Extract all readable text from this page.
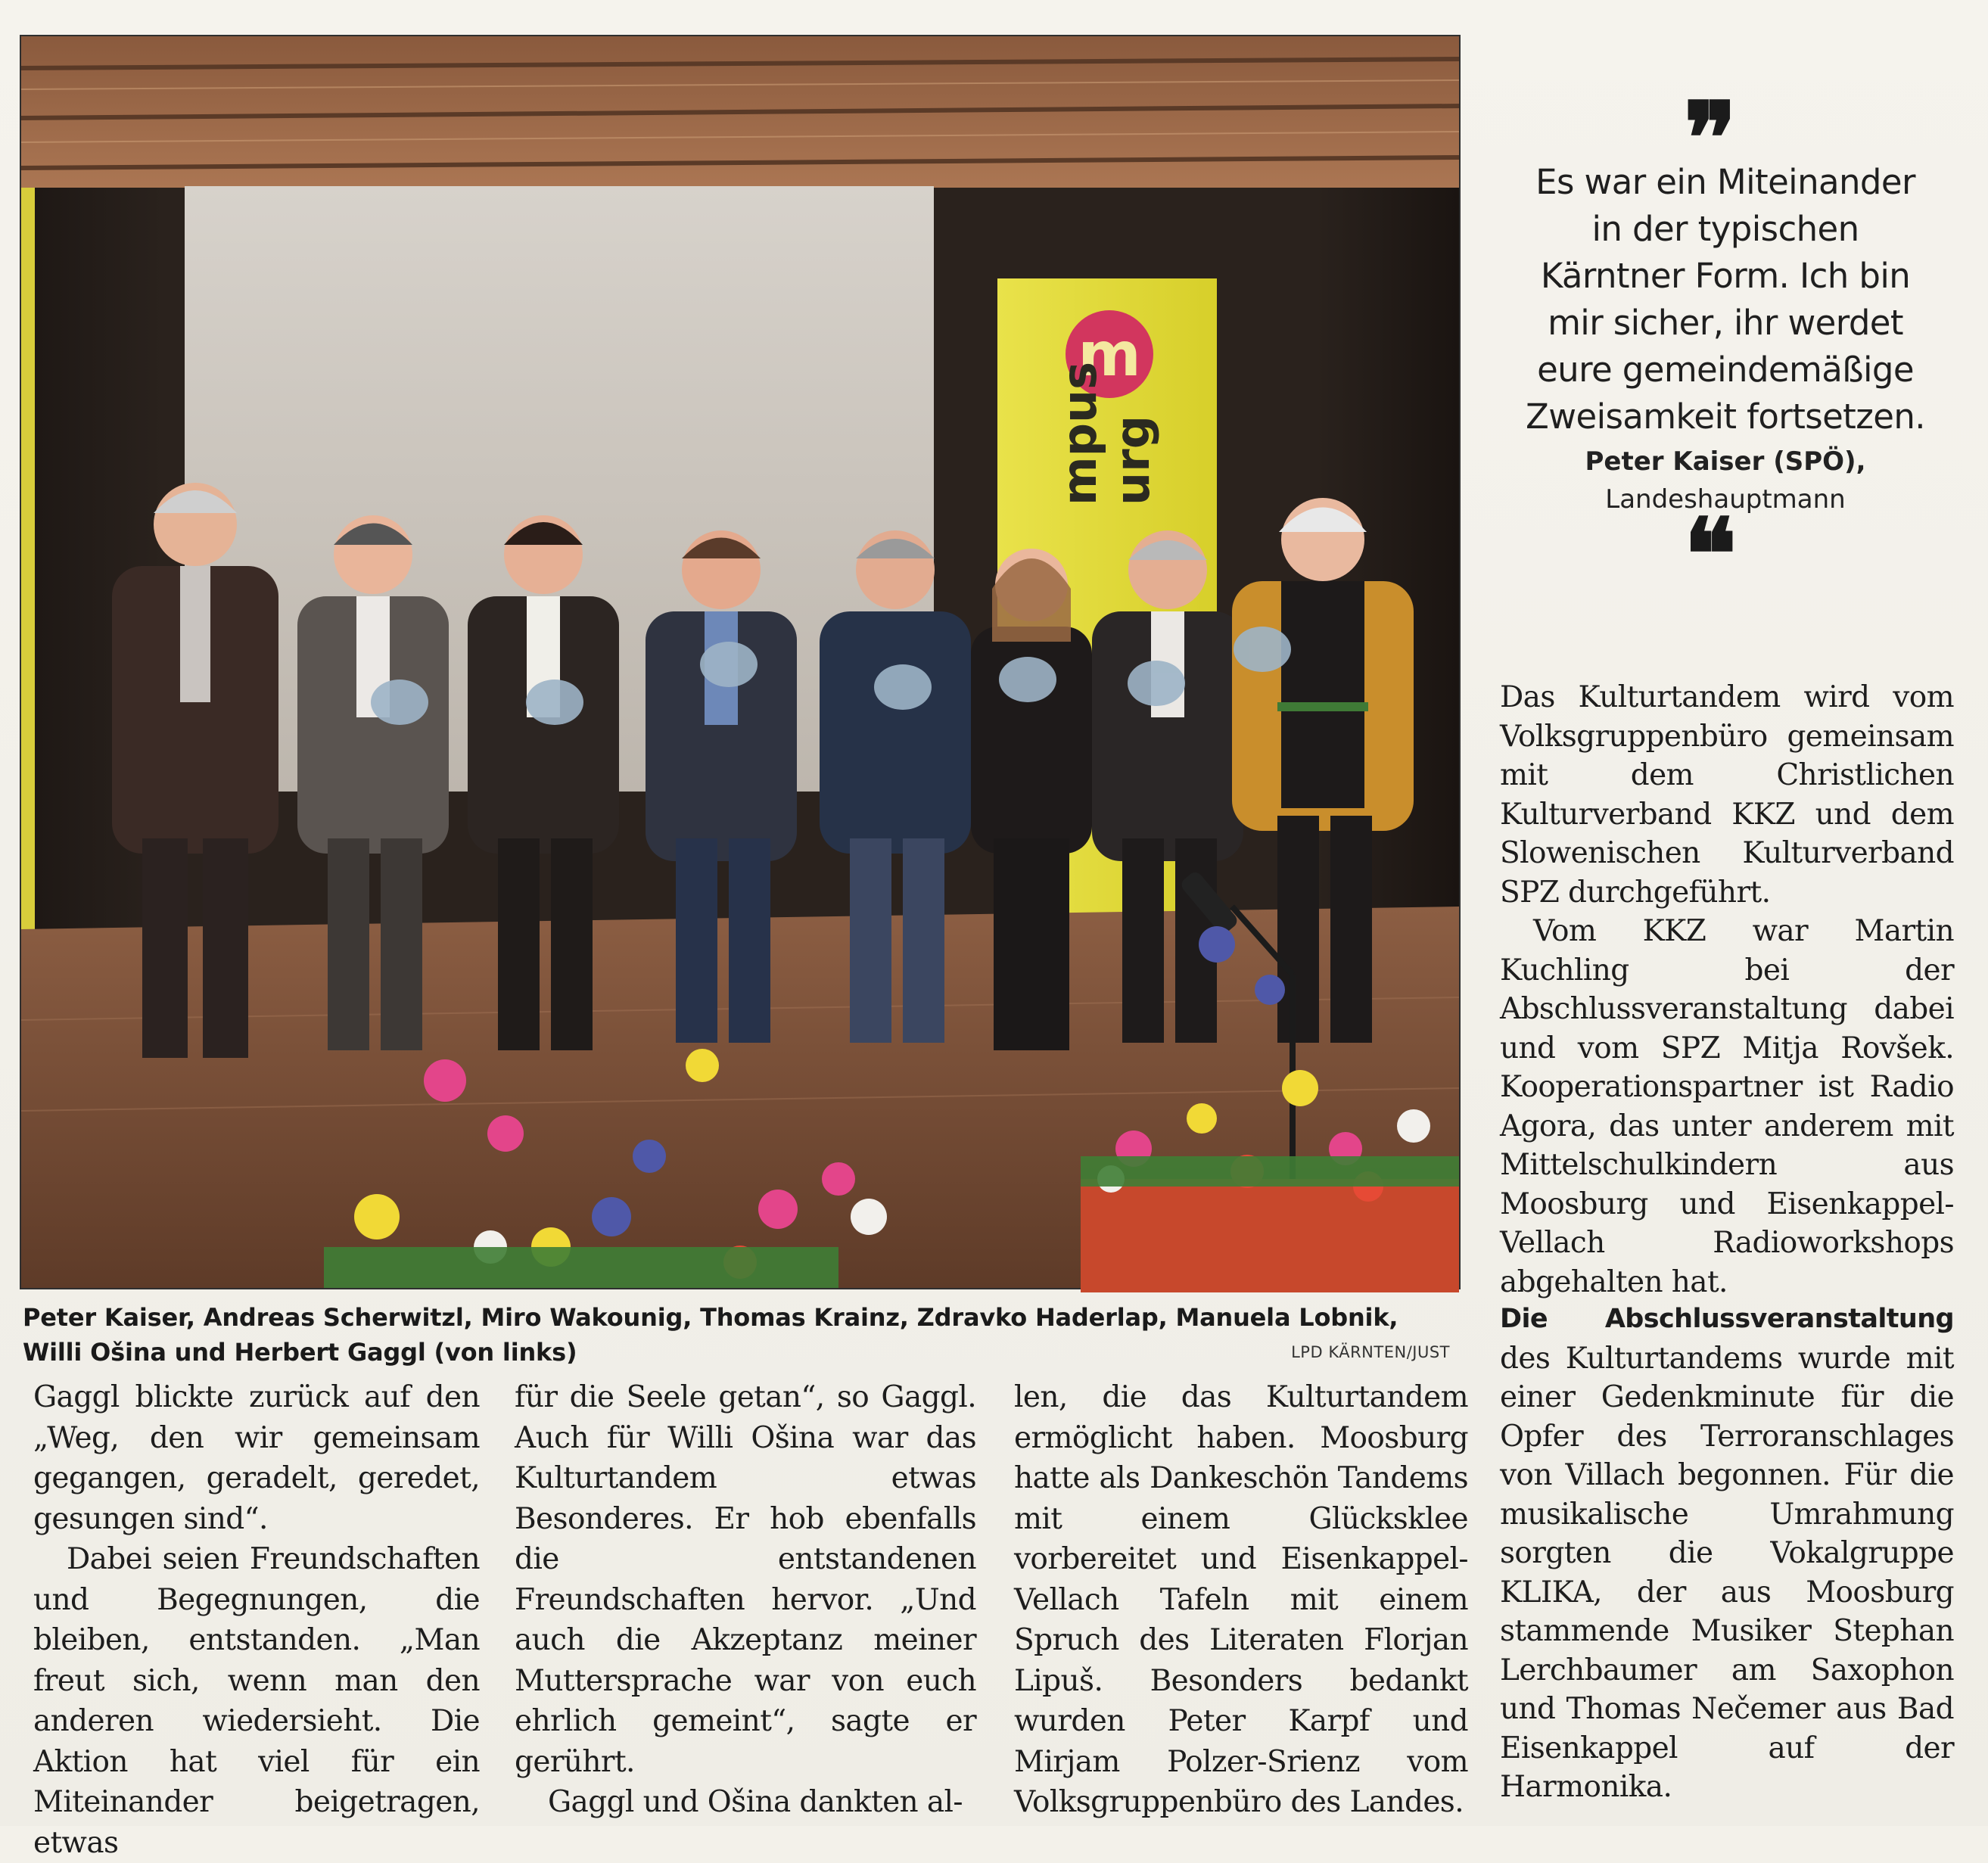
m
mpus
urg
Peter Kaiser, Andreas Scherwitzl, Miro Wakounig, Thomas Krainz, Zdravko Haderlap, Manuela Lobnik,
Willi Ošina und Herbert Gaggl (von links)	LPD KÄRNTEN/JUST

Gaggl blickte zurück auf den „Weg, den wir gemeinsam gegangen, geradelt, geredet, gesungen sind“.

Dabei seien Freundschaften und Begegnungen, die bleiben, entstanden. „Man freut sich, wenn man den anderen wiedersieht. Die Aktion hat viel für ein Miteinander beigetragen, etwas

für die Seele getan“, so Gaggl. Auch für Willi Ošina war das Kulturtandem etwas Besonderes. Er hob ebenfalls die entstandenen Freundschaften hervor. „Und auch die Akzeptanz meiner Muttersprache war von euch ehrlich gemeint“, sagte er gerührt.

Gaggl und Ošina dankten al-

len, die das Kulturtandem ermöglicht haben. Moosburg hatte als Dankeschön Tandems mit einem Glücksklee vorbereitet und Eisenkappel-Vellach Tafeln mit einem Spruch des Literaten Florjan Lipuš. Besonders bedankt wurden Peter Karpf und Mirjam Polzer-Srienz vom Volksgruppenbüro des Landes.

❞
Es war ein Miteinander
in der typischen
Kärntner Form. Ich bin
mir sicher, ihr werdet
eure gemeindemäßige
Zweisamkeit fortsetzen.
Peter Kaiser (SPÖ),
Landeshauptmann
❝

Das Kulturtandem wird vom Volksgruppenbüro gemeinsam mit dem Christlichen Kulturverband KKZ und dem Slowenischen Kulturverband SPZ durchgeführt.

Vom KKZ war Martin Kuchling bei der Abschlussveranstaltung dabei und vom SPZ Mitja Rovšek. Kooperationspartner ist Radio Agora, das unter anderem mit Mittelschulkindern aus Moosburg und Eisenkappel-Vellach Radioworkshops abgehalten hat.

Die Abschlussveranstaltung des Kulturtandems wurde mit einer Gedenkminute für die Opfer des Terroranschlages von Villach begonnen. Für die musikalische Umrahmung sorgten die Vokalgruppe KLIKA, der aus Moosburg stammende Musiker Stephan Lerchbaumer am Saxophon und Thomas Nečemer aus Bad Eisenkappel auf der Harmonika.
